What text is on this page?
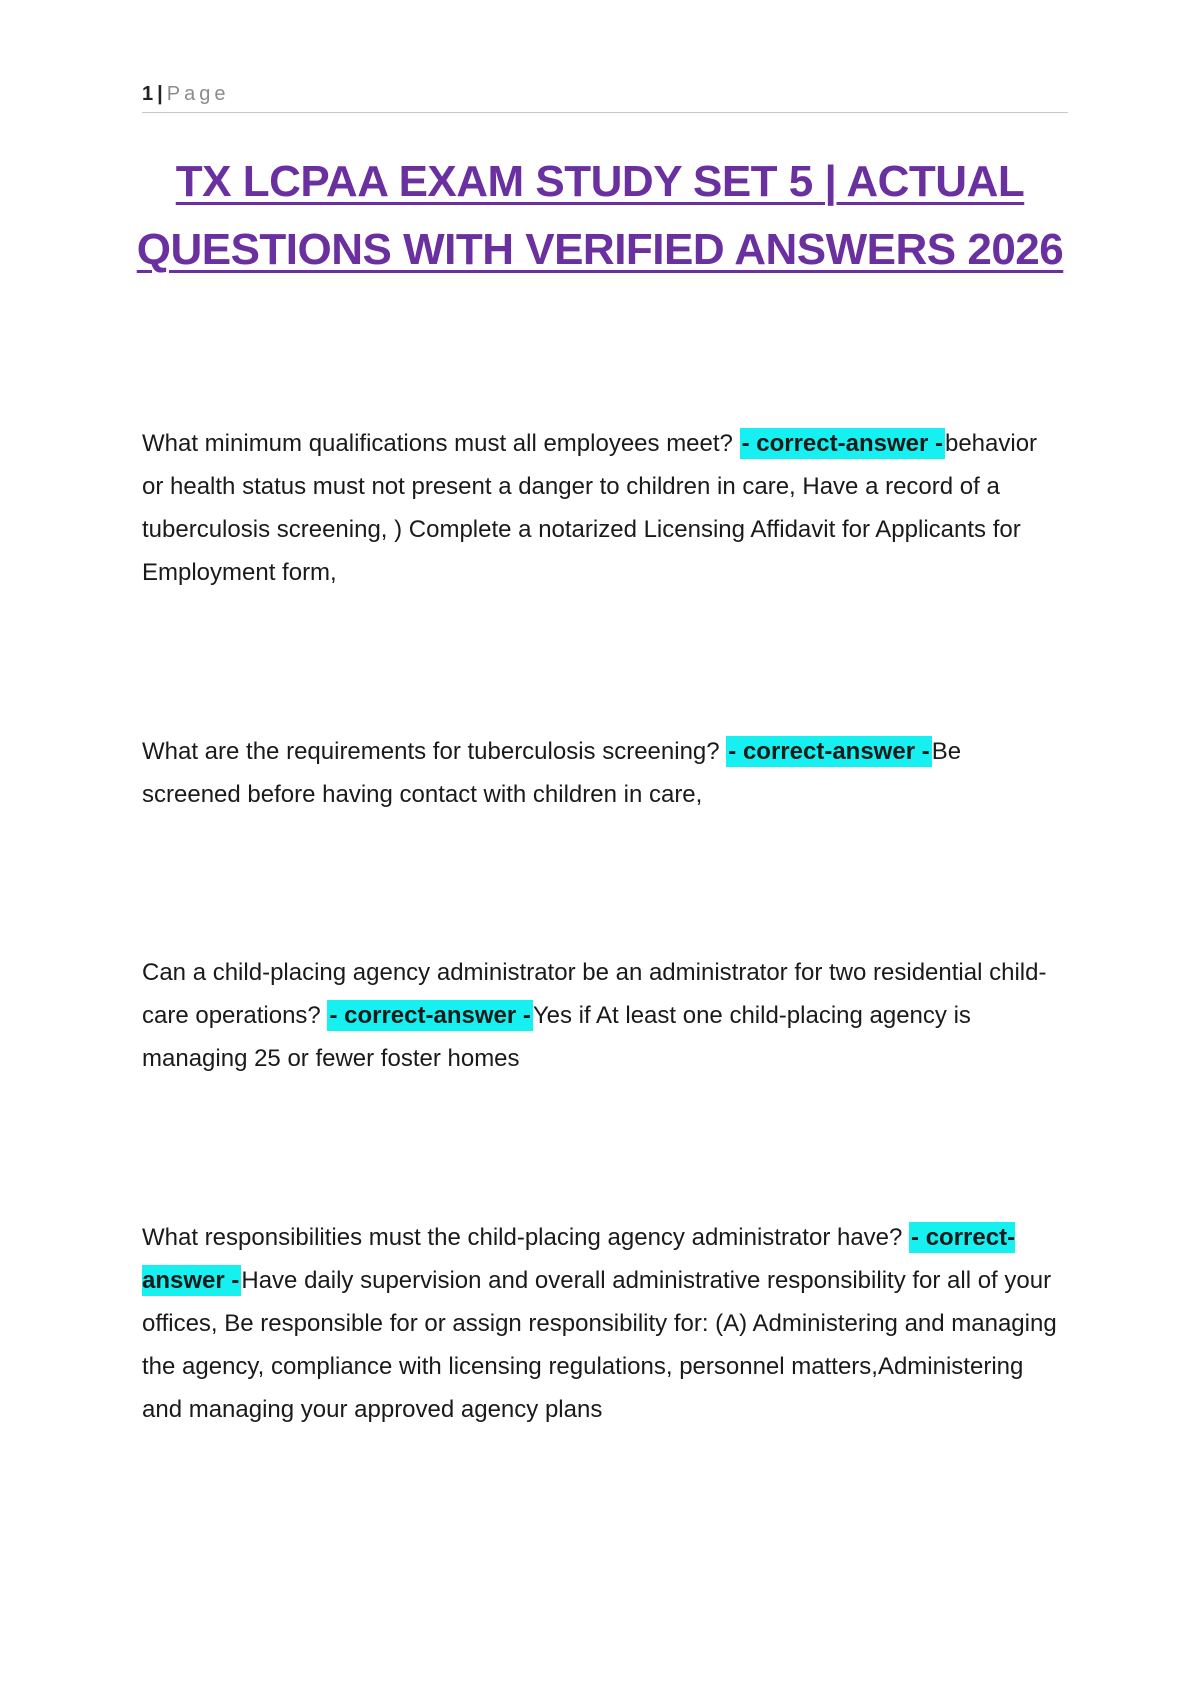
1 | Page
TX LCPAA EXAM STUDY SET 5 | ACTUAL
QUESTIONS WITH VERIFIED ANSWERS 2026

What minimum qualifications must all employees meet? - correct-answer -behavior or health status must not present a danger to children in care, Have a record of a tuberculosis screening, ) Complete a notarized Licensing Affidavit for Applicants for Employment form,

What are the requirements for tuberculosis screening? - correct-answer -Be screened before having contact with children in care,

Can a child-placing agency administrator be an administrator for two residential child-care operations? - correct-answer -Yes if At least one child-placing agency is managing 25 or fewer foster homes

What responsibilities must the child-placing agency administrator have? - correct-answer -Have daily supervision and overall administrative responsibility for all of your offices, Be responsible for or assign responsibility for: (A) Administering and managing the agency, compliance with licensing regulations, personnel matters,Administering and managing your approved agency plans
